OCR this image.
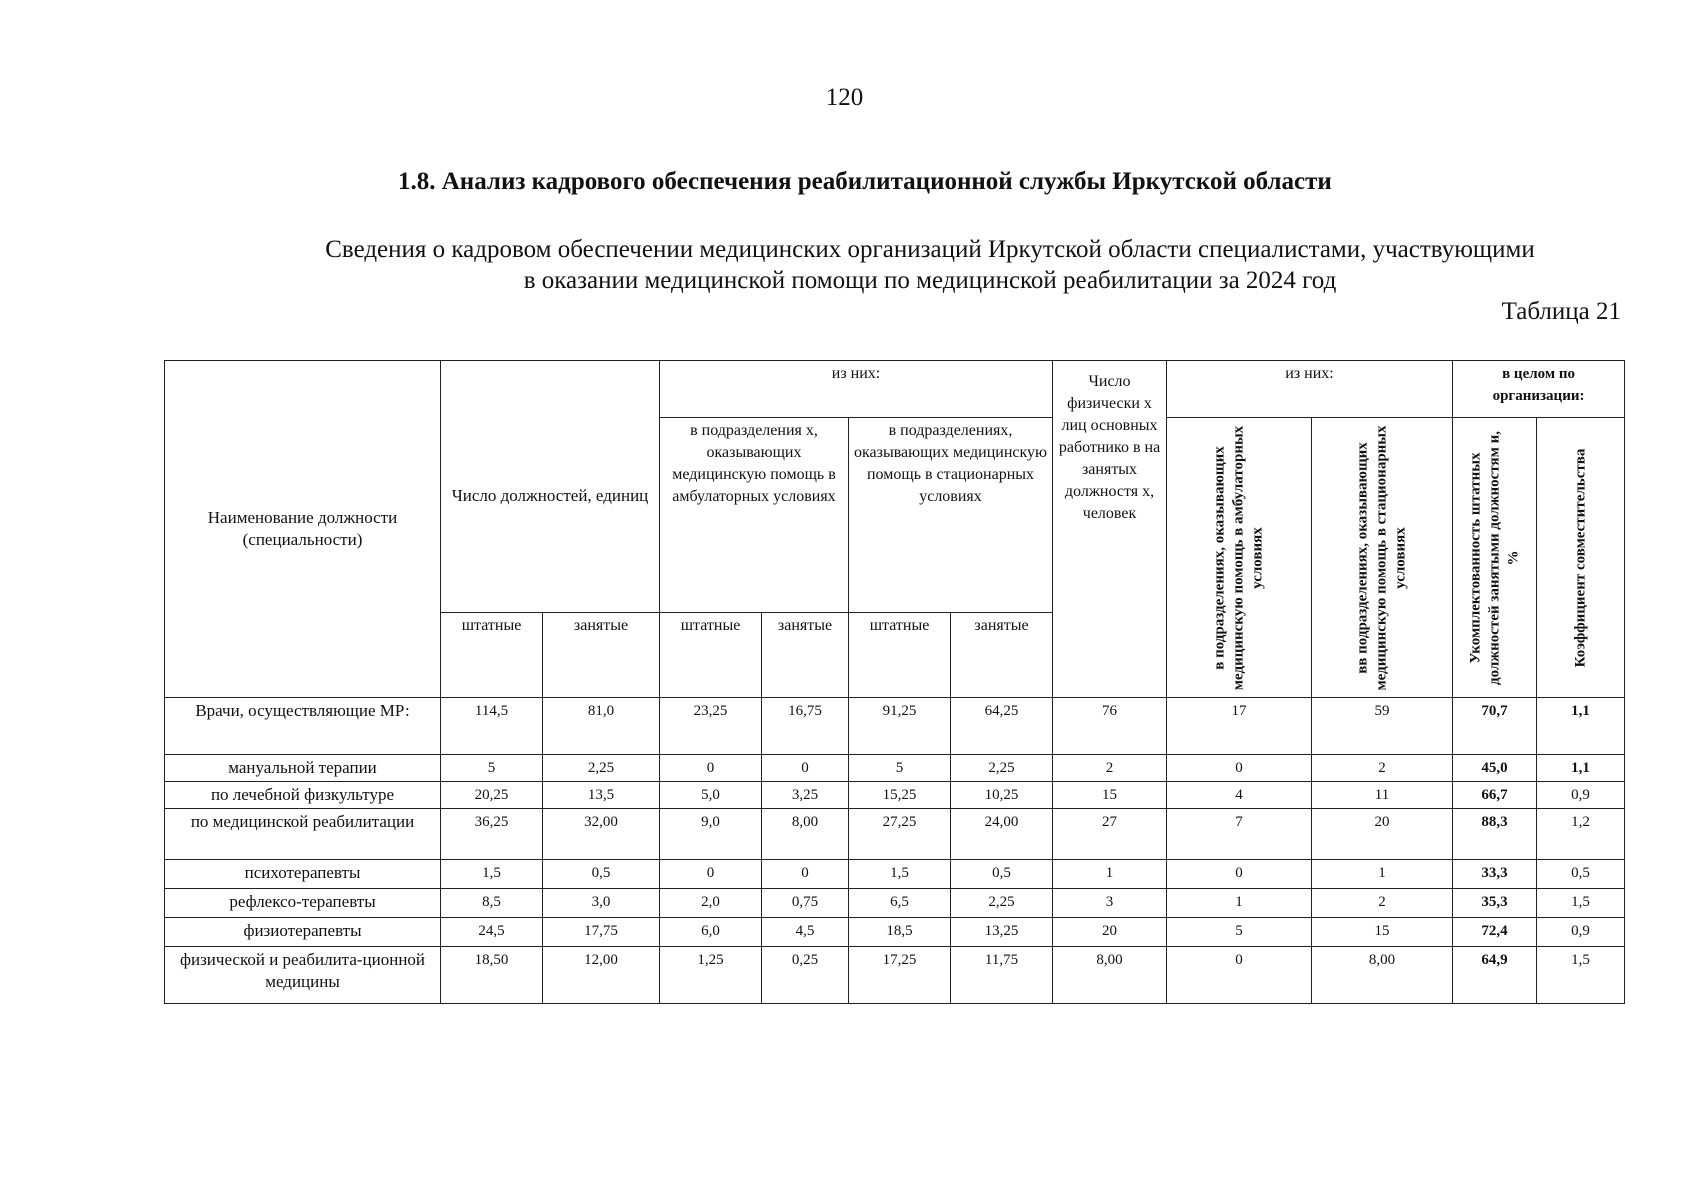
120
1.8. Анализ кадрового обеспечения реабилитационной службы Иркутской области
Сведения о кадровом обеспечении медицинских организаций Иркутской области специалистами, участвующими
в оказании медицинской помощи по медицинской реабилитации за 2024 год
Таблица 21
Наименование должности (специальности)	Число должностей, единиц		из них:				Число физически х лиц основных работнико в на занятых должностя х, человек	из них:		в целом по организации:	
			в подразделения х, оказывающих медицинскую помощь в амбулаторных условиях		в подразделениях, оказывающих медицинскую помощь в стационарных условиях			в подразделениях, оказывающих медицинскую помощь в амбулаторных условиях	вв подразделениях, оказывающих медицинскую помощь в стационарных условиях	Укомплектованность штатных должностей занятыми должностям и, %	Коэффициент совместительства

	штатные	занятые	штатные	занятые	штатные	занятые					
Врачи, осуществляющие МР:	114,5	81,0	23,25	16,75	91,25	64,25	76	17	59	70,7	1,1
мануальной терапии	5	2,25	0	0	5	2,25	2	0	2	45,0	1,1
по лечебной физкультуре	20,25	13,5	5,0	3,25	15,25	10,25	15	4	11	66,7	0,9
по медицинской реабилитации	36,25	32,00	9,0	8,00	27,25	24,00	27	7	20	88,3	1,2
психотерапевты	1,5	0,5	0	0	1,5	0,5	1	0	1	33,3	0,5
рефлексо-терапевты	8,5	3,0	2,0	0,75	6,5	2,25	3	1	2	35,3	1,5
физиотерапевты	24,5	17,75	6,0	4,5	18,5	13,25	20	5	15	72,4	0,9
физической и реабилита-ционной медицины	18,50	12,00	1,25	0,25	17,25	11,75	8,00	0	8,00	64,9	1,5
